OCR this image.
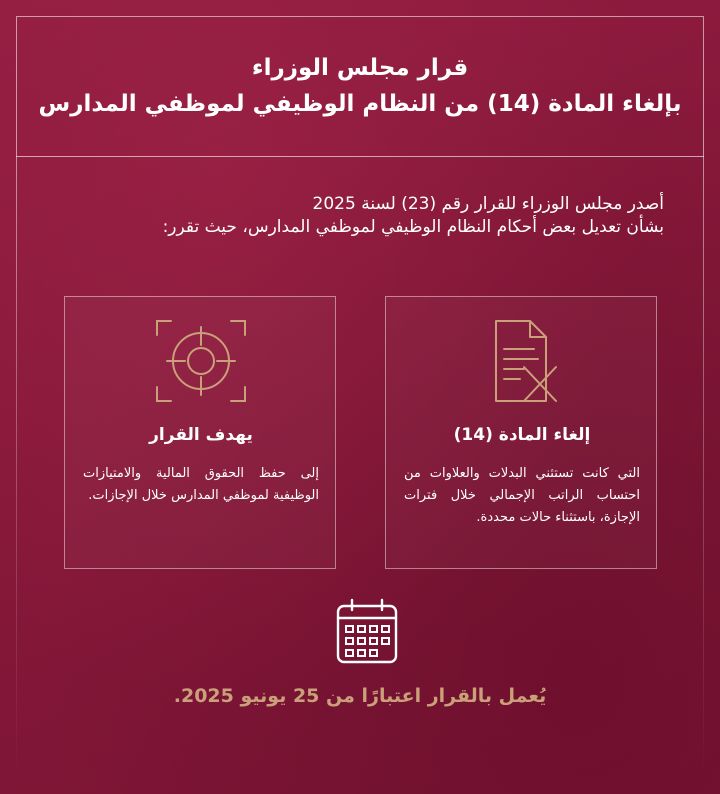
قرار مجلس الوزراء
بإلغاء المادة (14) من النظام الوظيفي لموظفي المدارس
أصدر مجلس الوزراء للقرار رقم (23) لسنة 2025
بشأن تعديل بعض أحكام النظام الوظيفي لموظفي المدارس، حيث تقرر:
إلغاء المادة (14)
التي كانت تستثني البدلات والعلاوات من احتساب الراتب الإجمالي خلال فترات الإجازة، باستثناء حالات محددة.
يهدف القرار
إلى حفظ الحقوق المالية والامتيازات الوظيفية لموظفي المدارس خلال الإجازات.
يُعمل بالقرار اعتبارًا من 25 يونيو 2025.
